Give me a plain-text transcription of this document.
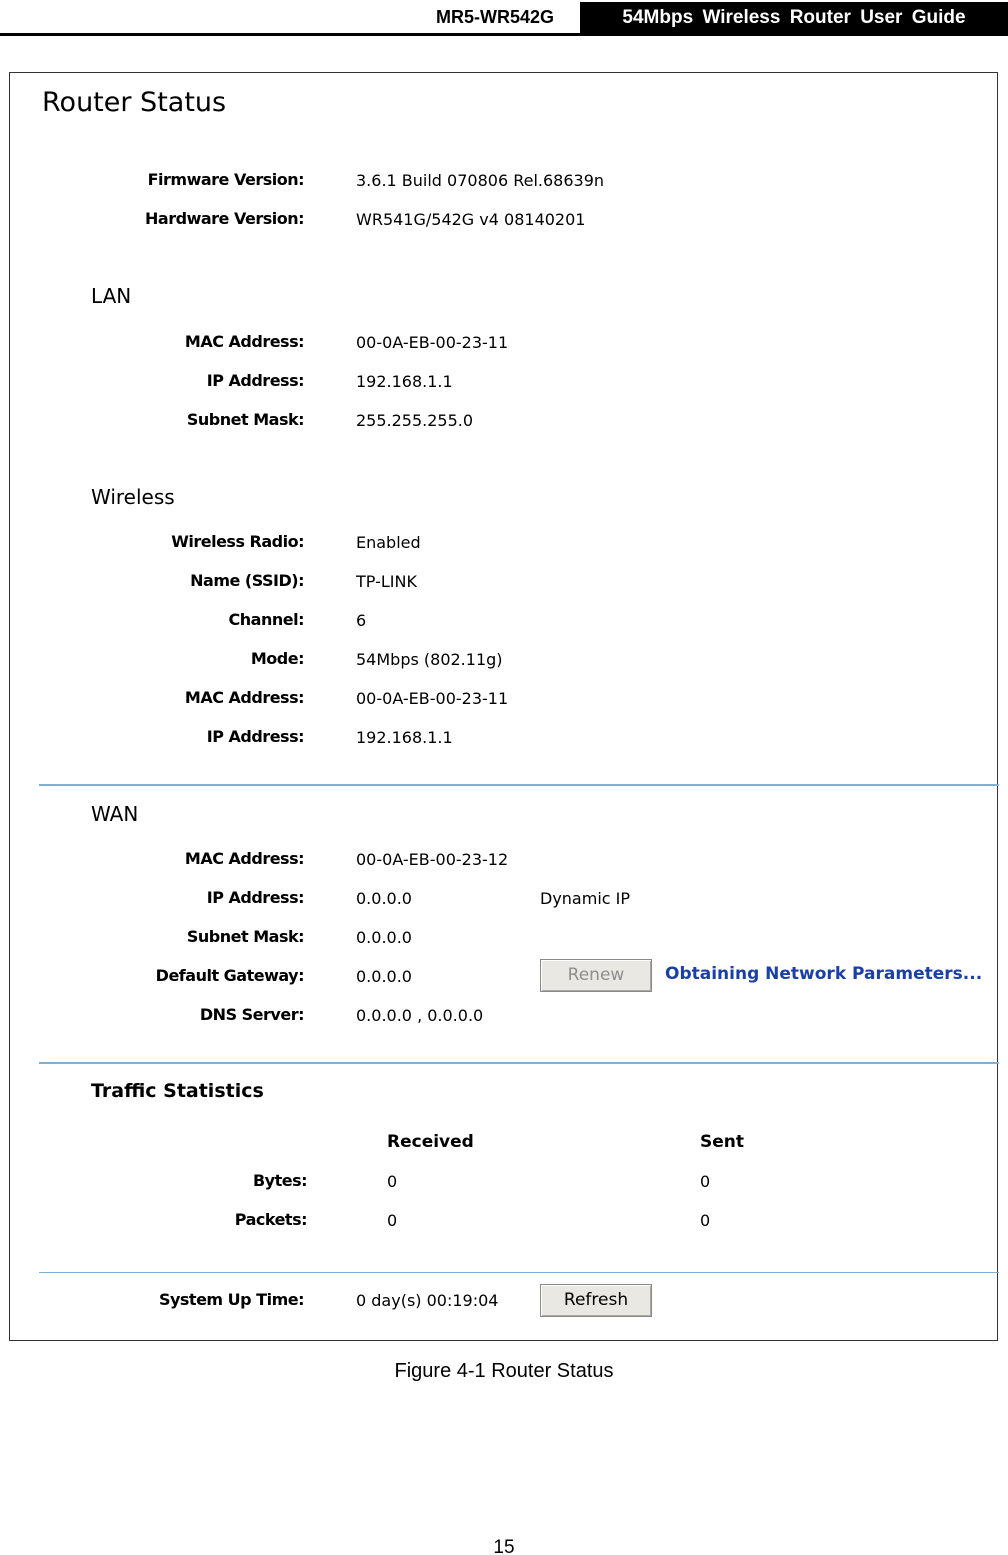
MR5-WR542G	54Mbps Wireless Router User Guide
Router Status
Firmware Version:	3.6.1 Build 070806 Rel.68639n
Hardware Version:	WR541G/542G v4 08140201
LAN
MAC Address:	00-0A-EB-00-23-11
IP Address:	192.168.1.1
Subnet Mask:	255.255.255.0
Wireless
Wireless Radio:	Enabled
Name (SSID):	TP-LINK
Channel:	6
Mode:	54Mbps (802.11g)
MAC Address:	00-0A-EB-00-23-11
IP Address:	192.168.1.1
WAN
MAC Address:	00-0A-EB-00-23-12
IP Address:	0.0.0.0	Dynamic IP
Subnet Mask:	0.0.0.0
Default Gateway:	0.0.0.0	Renew	Obtaining Network Parameters...
DNS Server:	0.0.0.0 , 0.0.0.0
Traffic Statistics
Received	Sent
Bytes:	0	0
Packets:	0	0
System Up Time:	0 day(s) 00:19:04	Refresh
Figure 4-1 Router Status
15
